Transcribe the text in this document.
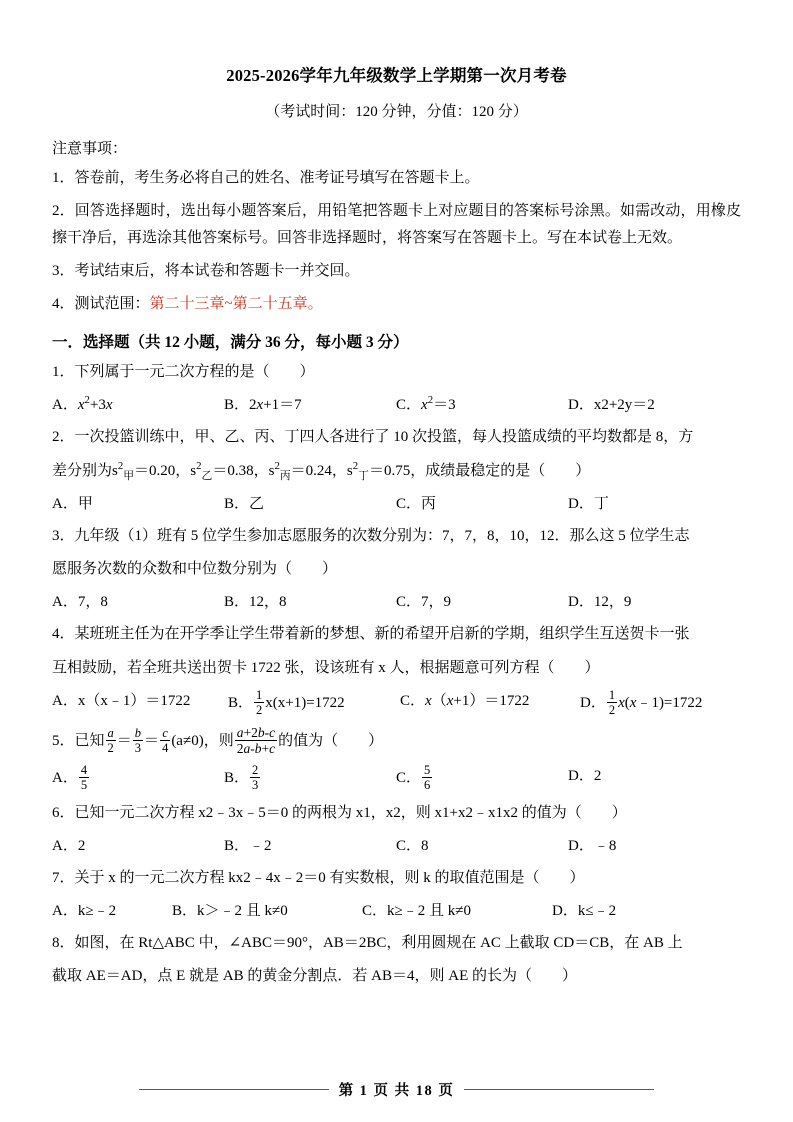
2025-2026学年九年级数学上学期第一次月考卷
（考试时间：120 分钟，分值：120 分）
注意事项：

1．答卷前，考生务必将自己的姓名、准考证号填写在答题卡上。

2．回答选择题时，选出每小题答案后，用铅笔把答题卡上对应题目的答案标号涂黑。如需改动，用橡皮擦干净后，再选涂其他答案标号。回答非选择题时，将答案写在答题卡上。写在本试卷上无效。

3．考试结束后，将本试卷和答题卡一并交回。

4．测试范围：第二十三章~第二十五章。

一．选择题（共 12 小题，满分 36 分，每小题 3 分）

1．下列属于一元二次方程的是（　　）

A．$x^2+3x$	B．2x+1＝7	C．$x^2=3$	D．x2+2y＝2

2．一次投篮训练中，甲、乙、丙、丁四人各进行了 10 次投篮，每人投篮成绩的平均数都是 8，方

差分别为$s^2_甲=0.20$，$s^2_乙=0.38$，$s^2_丙=0.24$，$s^2_丁=0.75$，成绩最稳定的是（　　）

A．甲	B．乙	C．丙	D．丁

3．九年级（1）班有 5 位学生参加志愿服务的次数分别为：7，7，8，10，12．那么这 5 位学生志

愿服务次数的众数和中位数分别为（　　）

A．7，8	B．12，8	C．7，9	D．12，9

4．某班班主任为在开学季让学生带着新的梦想、新的希望开启新的学期，组织学生互送贺卡一张

互相鼓励，若全班共送出贺卡 1722 张，设该班有 x 人，根据题意可列方程（　　）

A．x（x﹣1）＝1722	B． $\frac{1}{2} x(x+1)=1722$	C．x（x+1）＝1722	D． $\frac{1}{2}$ x(x﹣1)=1722

5．已知 $\frac{a}{2} = \frac{b}{3} = \frac{c}{4} (a\ne 0)$，则 $\frac{a+2b-c}{2a-b+c}$ 的值为（　　）

A． $\frac{4}{5}$	B． $\frac{2}{3}$	C． $\frac{5}{6}$	D．2

6．已知一元二次方程 x2﹣3x﹣5＝0 的两根为 x1，x2，则 x1+x2﹣x1x2 的值为（　　）

A．2	B．﹣2	C．8	D．﹣8

7．关于 x 的一元二次方程 kx2﹣4x﹣2＝0 有实数根，则 k 的取值范围是（　　）

A．k≥﹣2	B．k＞﹣2 且 k≠0	C．k≥﹣2 且 k≠0	D．k≤﹣2

8．如图，在 Rt△ABC 中，∠ABC＝90°，AB＝2BC，利用圆规在 AC 上截取 CD＝CB，在 AB 上

截取 AE＝AD，点 E 就是 AB 的黄金分割点．若 AB＝4，则 AE 的长为（　　）

第 1 页 共 18 页
